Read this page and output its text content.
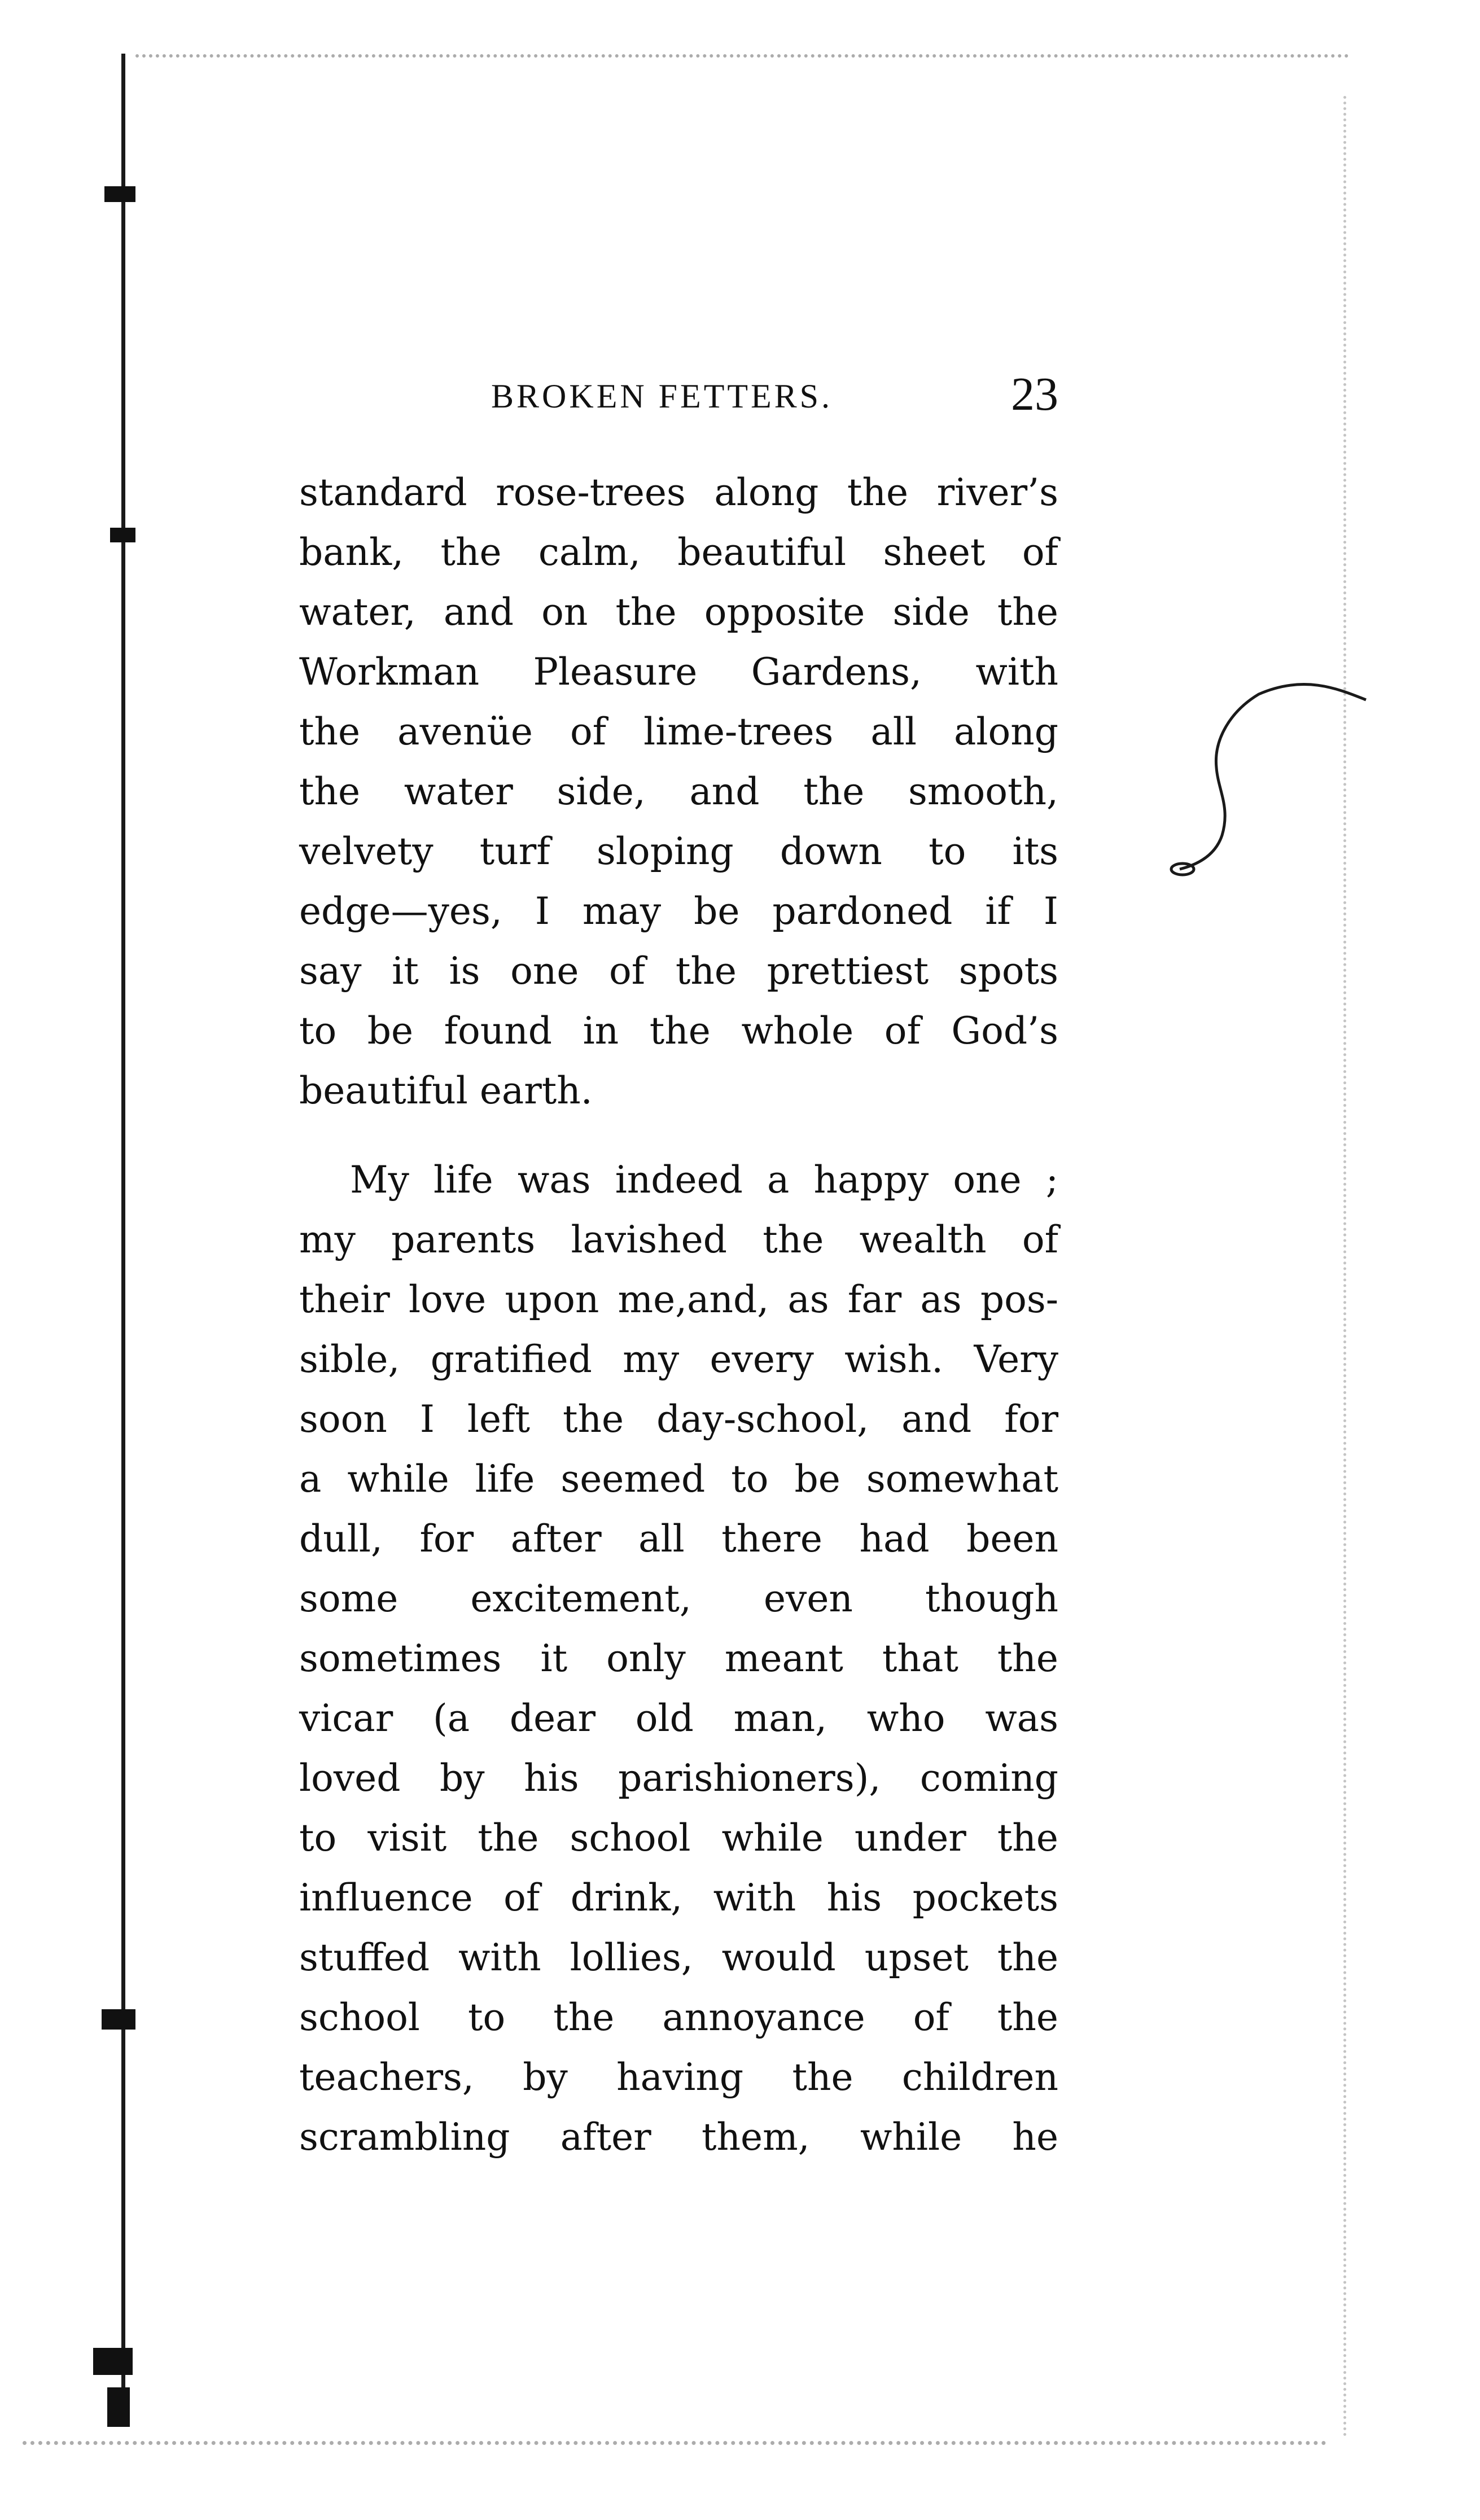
BROKEN FETTERS.	23

standard rose-trees along the river’s
bank, the calm, beautiful sheet of
water, and on the opposite side the
Workman Pleasure Gardens, with
the avenüe of lime-trees all along
the water side, and the smooth,
velvety turf sloping down to its
edge—yes, I may be pardoned if I
say it is one of the prettiest spots
to be found in the whole of God’s
beautiful earth.

My life was indeed a happy one ;
my parents lavished the wealth of
their love upon me,and, as far as pos-
sible, gratified my every wish. Very
soon I left the day-school, and for
a while life seemed to be somewhat
dull, for after all there had been
some excitement, even though
sometimes it only meant that the
vicar (a dear old man, who was
loved by his parishioners), coming
to visit the school while under the
influence of drink, with his pockets
stuffed with lollies, would upset the
school to the annoyance of the
teachers, by having the children
scrambling after them, while he
